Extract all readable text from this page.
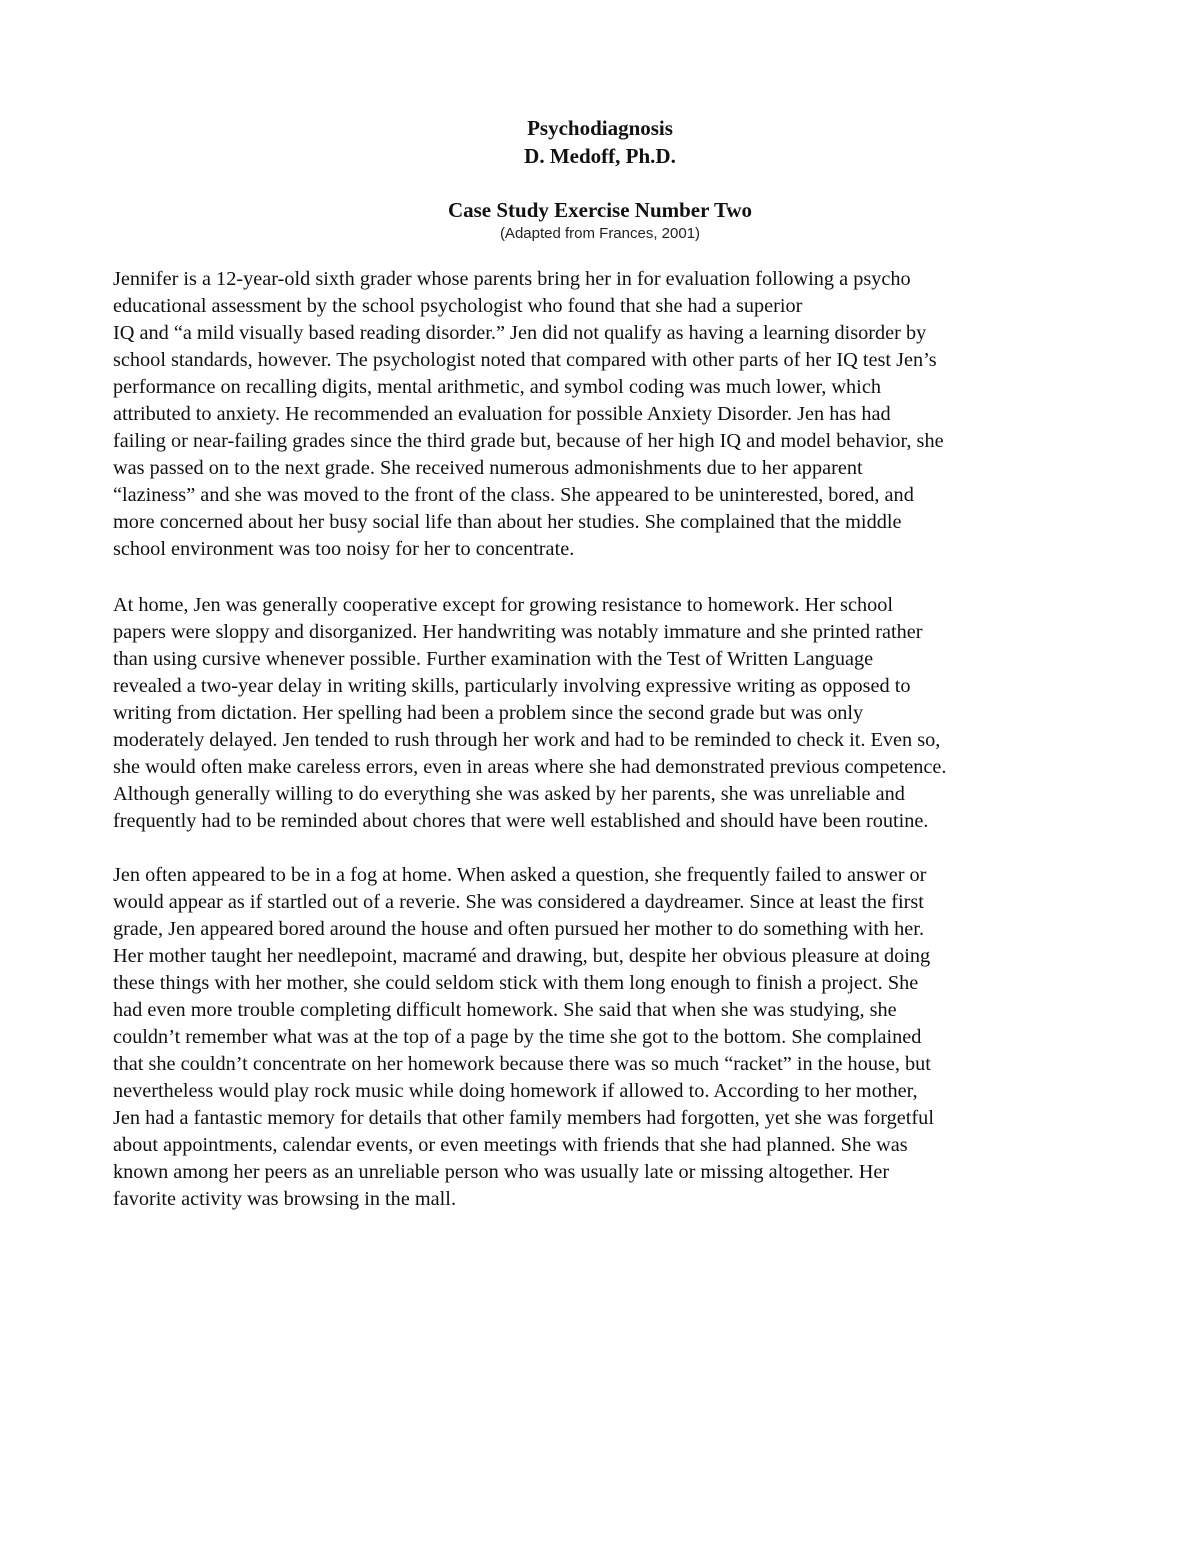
Psychodiagnosis
D. Medoff, Ph.D.
Case Study Exercise Number Two
(Adapted from Frances, 2001)
Jennifer is a 12-year-old sixth grader whose parents bring her in for evaluation following a psycho
educational assessment by the school psychologist who found that she had a superior
IQ and “a mild visually based reading disorder.” Jen did not qualify as having a learning disorder by
school standards, however. The psychologist noted that compared with other parts of her IQ test Jen’s
performance on recalling digits, mental arithmetic, and symbol coding was much lower, which
attributed to anxiety. He recommended an evaluation for possible Anxiety Disorder. Jen has had
failing or near-failing grades since the third grade but, because of her high IQ and model behavior, she
was passed on to the next grade. She received numerous admonishments due to her apparent
“laziness” and she was moved to the front of the class. She appeared to be uninterested, bored, and
more concerned about her busy social life than about her studies. She complained that the middle
school environment was too noisy for her to concentrate.
At home, Jen was generally cooperative except for growing resistance to homework. Her school
papers were sloppy and disorganized. Her handwriting was notably immature and she printed rather
than using cursive whenever possible. Further examination with the Test of Written Language
revealed a two-year delay in writing skills, particularly involving expressive writing as opposed to
writing from dictation. Her spelling had been a problem since the second grade but was only
moderately delayed. Jen tended to rush through her work and had to be reminded to check it. Even so,
she would often make careless errors, even in areas where she had demonstrated previous competence.
Although generally willing to do everything she was asked by her parents, she was unreliable and
frequently had to be reminded about chores that were well established and should have been routine.
Jen often appeared to be in a fog at home. When asked a question, she frequently failed to answer or
would appear as if startled out of a reverie. She was considered a daydreamer. Since at least the first
grade, Jen appeared bored around the house and often pursued her mother to do something with her.
Her mother taught her needlepoint, macramé and drawing, but, despite her obvious pleasure at doing
these things with her mother, she could seldom stick with them long enough to finish a project. She
had even more trouble completing difficult homework. She said that when she was studying, she
couldn’t remember what was at the top of a page by the time she got to the bottom. She complained
that she couldn’t concentrate on her homework because there was so much “racket” in the house, but
nevertheless would play rock music while doing homework if allowed to. According to her mother,
Jen had a fantastic memory for details that other family members had forgotten, yet she was forgetful
about appointments, calendar events, or even meetings with friends that she had planned. She was
known among her peers as an unreliable person who was usually late or missing altogether. Her
favorite activity was browsing in the mall.
